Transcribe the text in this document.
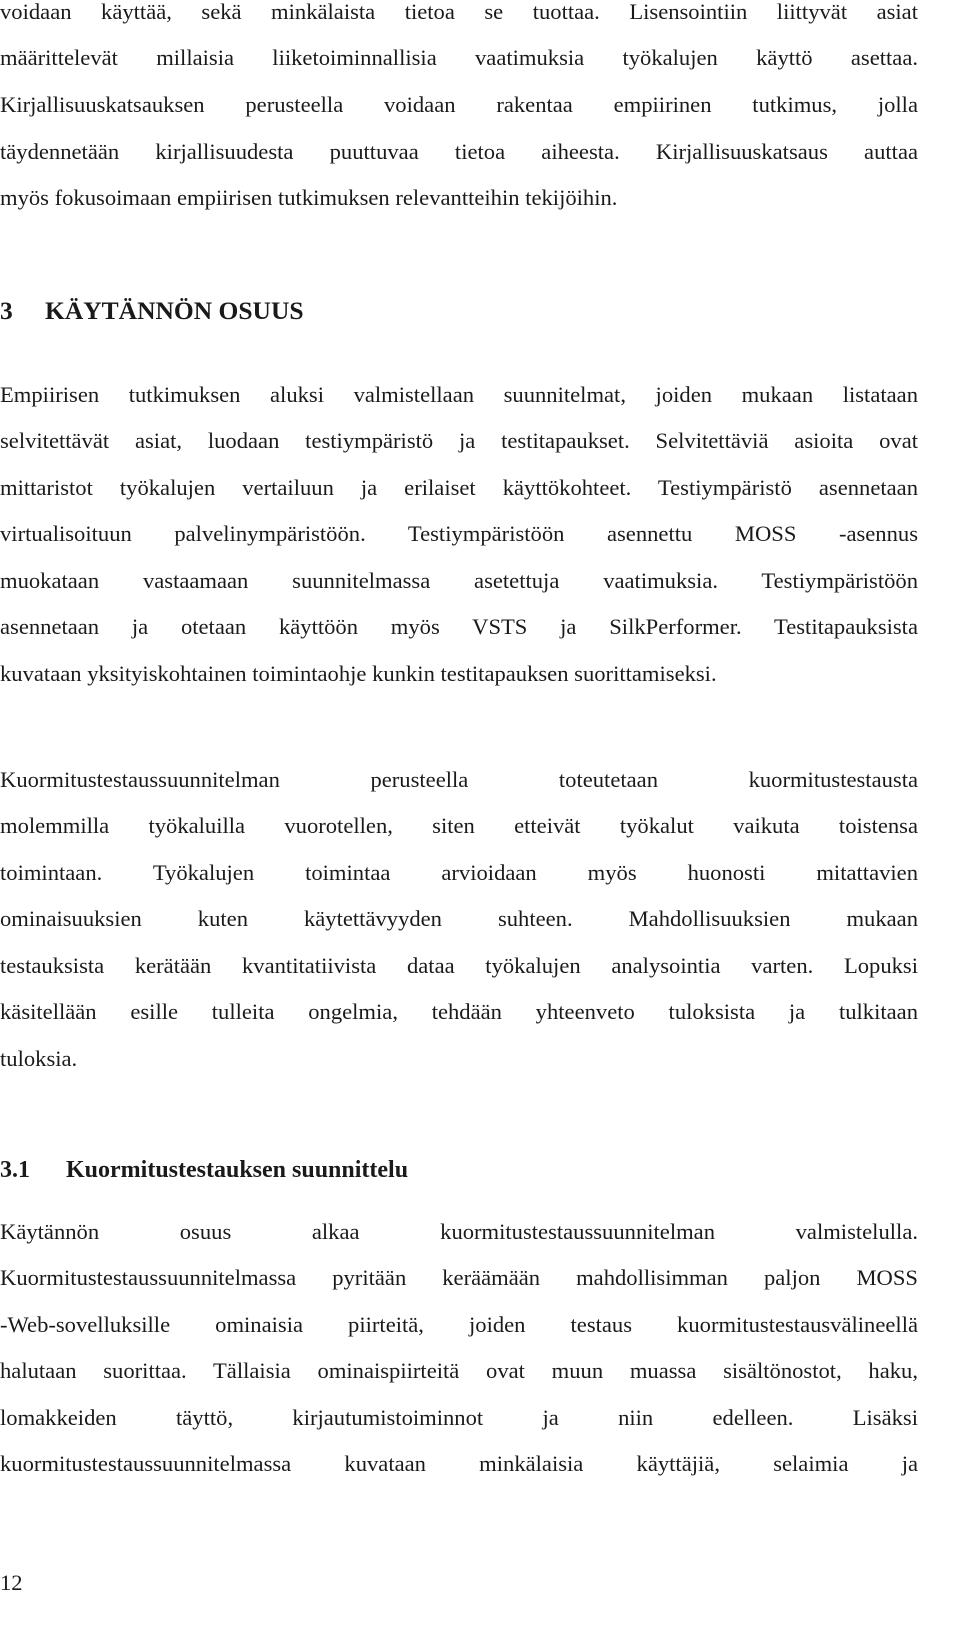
voidaan käyttää, sekä minkälaista tietoa se tuottaa. Lisensointiin liittyvät asiat

määrittelevät millaisia liiketoiminnallisia vaatimuksia työkalujen käyttö asettaa.

Kirjallisuuskatsauksen perusteella voidaan rakentaa empiirinen tutkimus, jolla

täydennetään kirjallisuudesta puuttuvaa tietoa aiheesta. Kirjallisuuskatsaus auttaa

myös fokusoimaan empiirisen tutkimuksen relevantteihin tekijöihin.

3 KÄYTÄNNÖN OSUUS

Empiirisen tutkimuksen aluksi valmistellaan suunnitelmat, joiden mukaan listataan

selvitettävät asiat, luodaan testiympäristö ja testitapaukset. Selvitettäviä asioita ovat

mittaristot työkalujen vertailuun ja erilaiset käyttökohteet. Testiympäristö asennetaan

virtualisoituun palvelinympäristöön. Testiympäristöön asennettu MOSS -asennus

muokataan vastaamaan suunnitelmassa asetettuja vaatimuksia. Testiympäristöön

asennetaan ja otetaan käyttöön myös VSTS ja SilkPerformer. Testitapauksista

kuvataan yksityiskohtainen toimintaohje kunkin testitapauksen suorittamiseksi.

Kuormitustestaussuunnitelman perusteella toteutetaan kuormitustestausta

molemmilla työkaluilla vuorotellen, siten etteivät työkalut vaikuta toistensa

toimintaan. Työkalujen toimintaa arvioidaan myös huonosti mitattavien

ominaisuuksien kuten käytettävyyden suhteen. Mahdollisuuksien mukaan

testauksista kerätään kvantitatiivista dataa työkalujen analysointia varten. Lopuksi

käsitellään esille tulleita ongelmia, tehdään yhteenveto tuloksista ja tulkitaan

tuloksia.

3.1 Kuormitustestauksen suunnittelu

Käytännön osuus alkaa kuormitustestaussuunnitelman valmistelulla.

Kuormitustestaussuunnitelmassa pyritään keräämään mahdollisimman paljon MOSS

-Web-sovelluksille ominaisia piirteitä, joiden testaus kuormitustestausvälineellä

halutaan suorittaa. Tällaisia ominaispiirteitä ovat muun muassa sisältönostot, haku,

lomakkeiden täyttö, kirjautumistoiminnot ja niin edelleen. Lisäksi

kuormitustestaussuunnitelmassa kuvataan minkälaisia käyttäjiä, selaimia ja

12
